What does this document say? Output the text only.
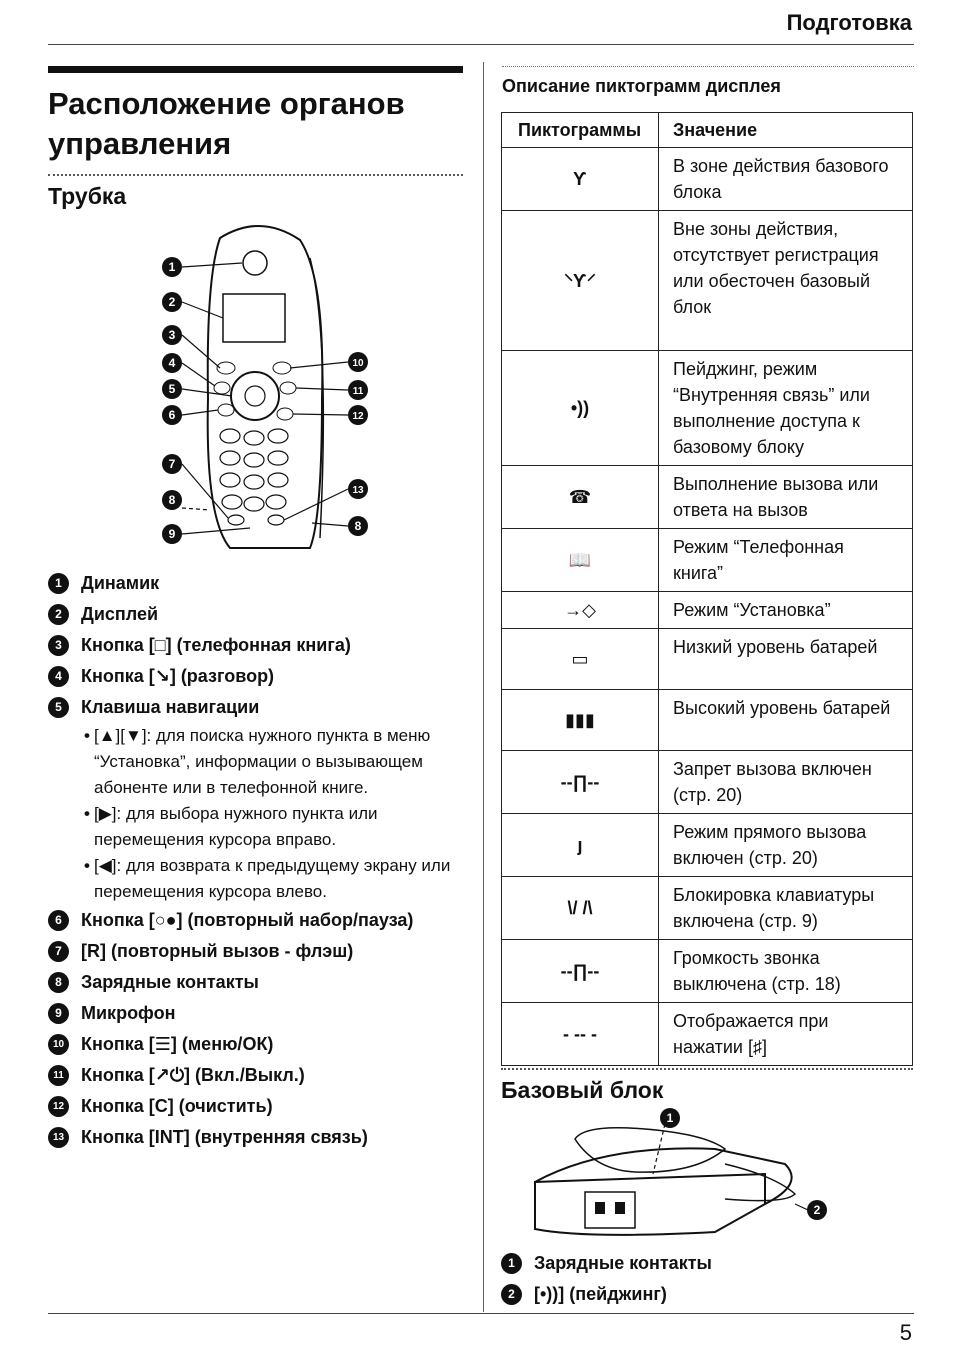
Подготовка
Расположение органов управления
Трубка
1
2
3
4
5
6
7
8
9
10
11
12
13
8
1	Динамик
2	Дисплей
3	Кнопка [□] (телефонная книга)
4	Кнопка [↘] (разговор)
5	Клавиша навигации
• [▲][▼]: для поиска нужного пункта в меню “Установка”, информации о вызывающем абоненте или в телефонной книге.
• [▶]: для выбора нужного пункта или перемещения курсора вправо.
• [◀]: для возврата к предыдущему экрану или перемещения курсора влево.
6	Кнопка [○●] (повторный набор/пауза)
7	[R] (повторный вызов - флэш)
8	Зарядные контакты
9	Микрофон
10 Кнопка [☰] (меню/ОК)
11 Кнопка [↗⏻] (Вкл./Выкл.)
12 Кнопка [C] (очистить)
13 Кнопка [INT] (внутренняя связь)
Описание пиктограмм дисплея
Пиктограммы	Значение
Ƴ	В зоне действия базового блока
⸌Ƴ⸍	Вне зоны действия, отсутствует регистрация или обесточен базовый блок
•))	Пейджинг, режим “Внутренняя связь” или выполнение доступа к базовому блоку
☎	Выполнение вызова или ответа на вызов
📖	Режим “Телефонная книга”
→◇	Режим “Установка”
▭	Низкий уровень батарей
▮▮▮	Высокий уровень батарей
--∏--	Запрет вызова включен (стр. 20)
ȷ	Режим прямого вызова включен (стр. 20)
\/ /\	Блокировка клавиатуры включена (стр. 9)
--∏--	Громкость звонка выключена (стр. 18)
- -- -	Отображается при нажатии [♯]
Базовый блок
1
2
1	Зарядные контакты
2	[•))] (пейджинг)
5
